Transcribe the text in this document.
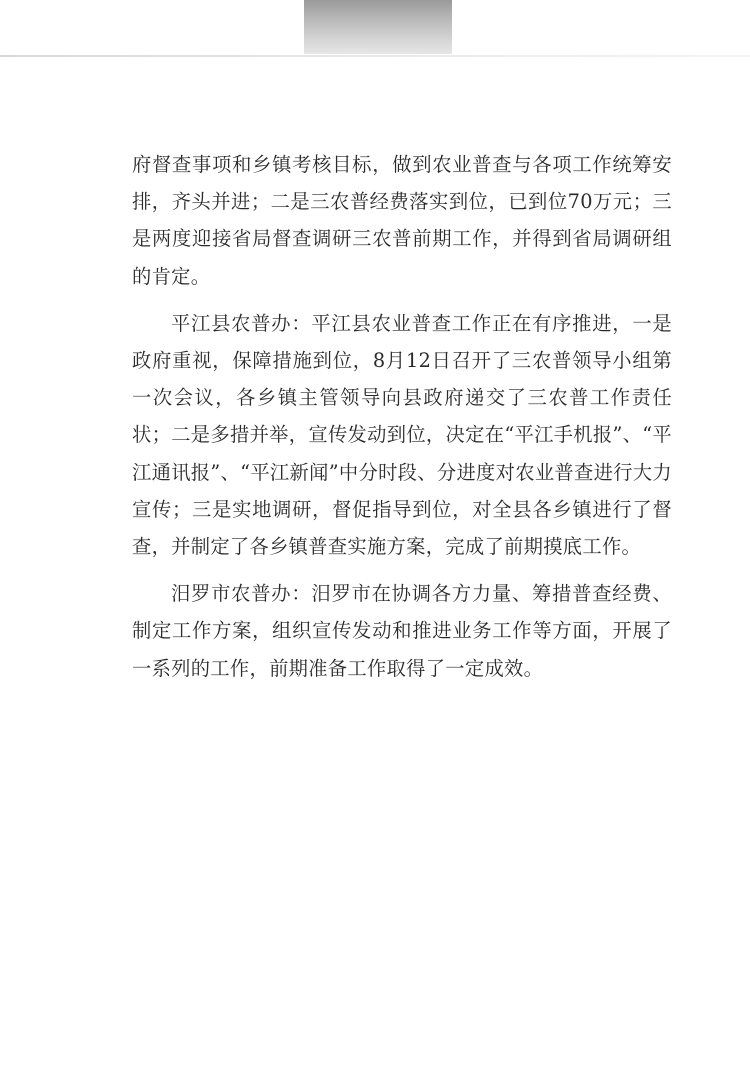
府督查事项和乡镇考核目标，做到农业普查与各项工作统筹安排，齐头并进；二是三农普经费落实到位，已到位70万元；三是两度迎接省局督查调研三农普前期工作，并得到省局调研组的肯定。

平江县农普办：平江县农业普查工作正在有序推进，一是政府重视，保障措施到位，8月12日召开了三农普领导小组第一次会议，各乡镇主管领导向县政府递交了三农普工作责任状；二是多措并举，宣传发动到位，决定在“平江手机报”、“平江通讯报”、“平江新闻”中分时段、分进度对农业普查进行大力宣传；三是实地调研，督促指导到位，对全县各乡镇进行了督查，并制定了各乡镇普查实施方案，完成了前期摸底工作。

汨罗市农普办：汨罗市在协调各方力量、筹措普查经费、制定工作方案，组织宣传发动和推进业务工作等方面，开展了一系列的工作，前期准备工作取得了一定成效。
